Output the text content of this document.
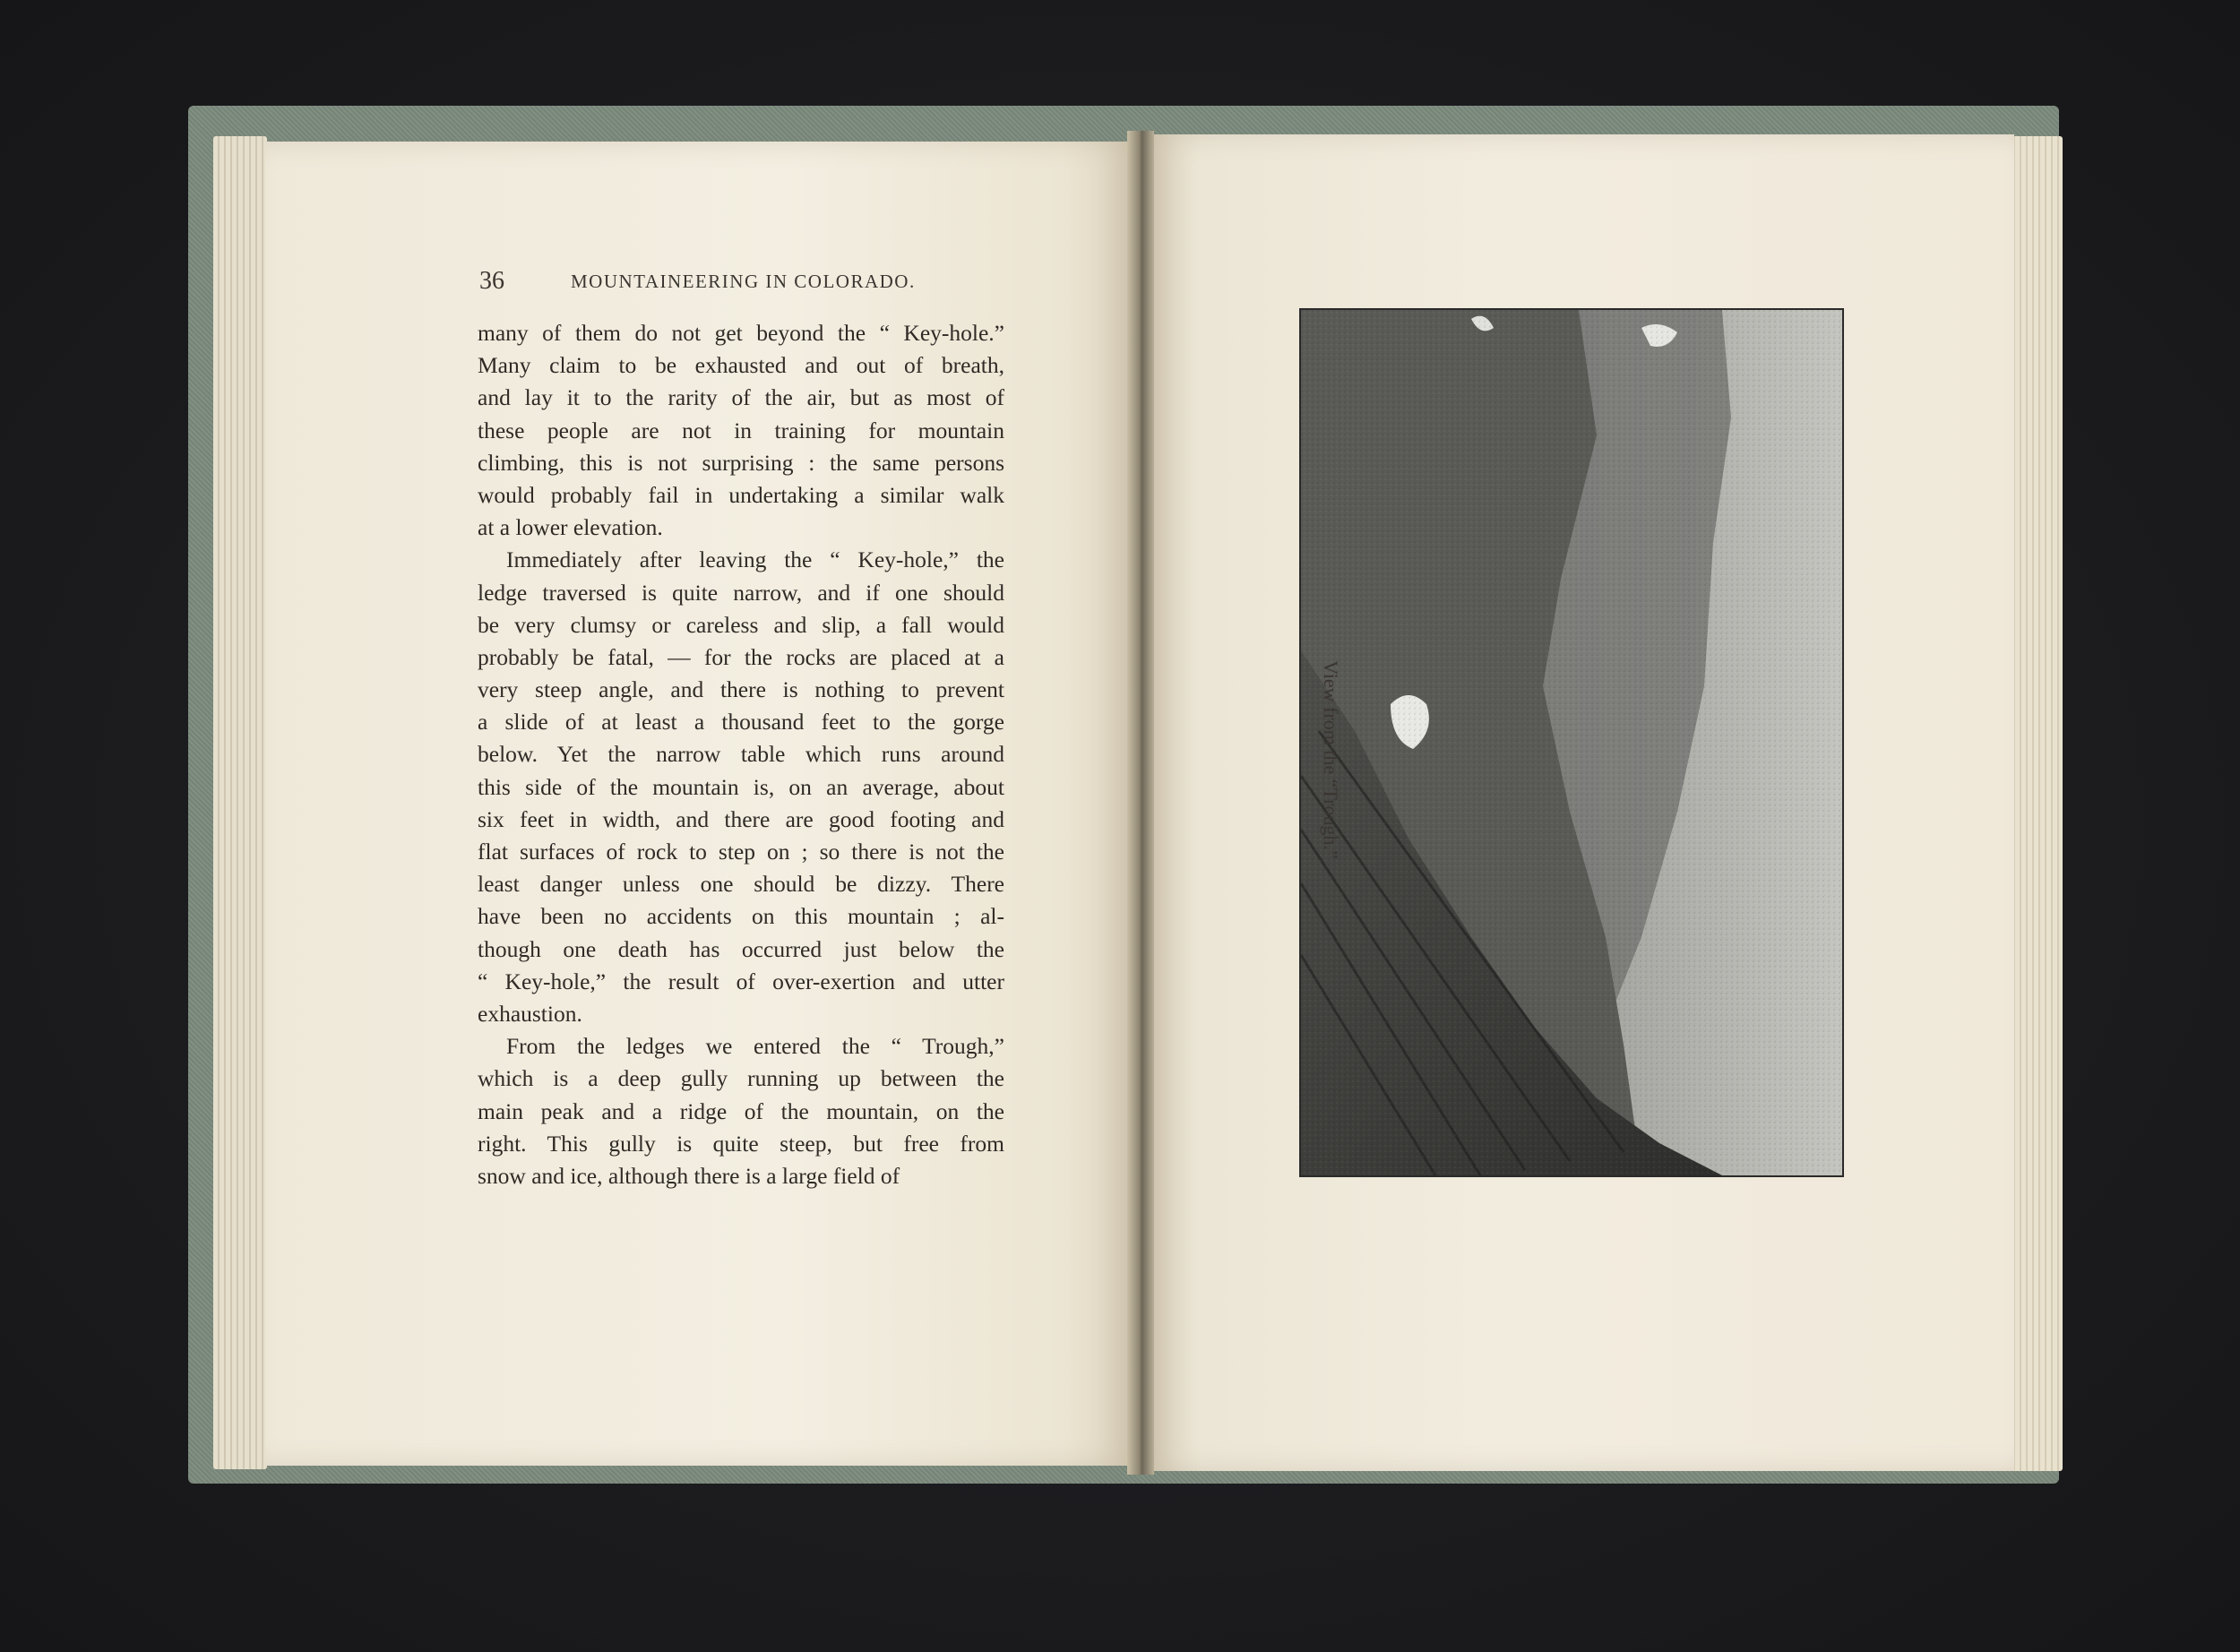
36	MOUNTAINEERING IN COLORADO.

many of them do not get beyond the “ Key-hole.”
Many claim to be exhausted and out of breath,
and lay it to the rarity of the air, but as most of
these people are not in training for mountain
climbing, this is not surprising : the same persons
would probably fail in undertaking a similar walk
at a lower elevation.

Immediately after leaving the “ Key-hole,” the
ledge traversed is quite narrow, and if one should
be very clumsy or careless and slip, a fall would
probably be fatal, — for the rocks are placed at a
very steep angle, and there is nothing to prevent
a slide of at least a thousand feet to the gorge
below. Yet the narrow table which runs around
this side of the mountain is, on an average, about
six feet in width, and there are good footing and
flat surfaces of rock to step on ; so there is not the
least danger unless one should be dizzy. There
have been no accidents on this mountain ; al-
though one death has occurred just below the
“ Key-hole,” the result of over-exertion and utter
exhaustion.

From the ledges we entered the “ Trough,”
which is a deep gully running up between the
main peak and a ridge of the mountain, on the
right. This gully is quite steep, but free from
snow and ice, although there is a large field of

View from the “Trough.”
